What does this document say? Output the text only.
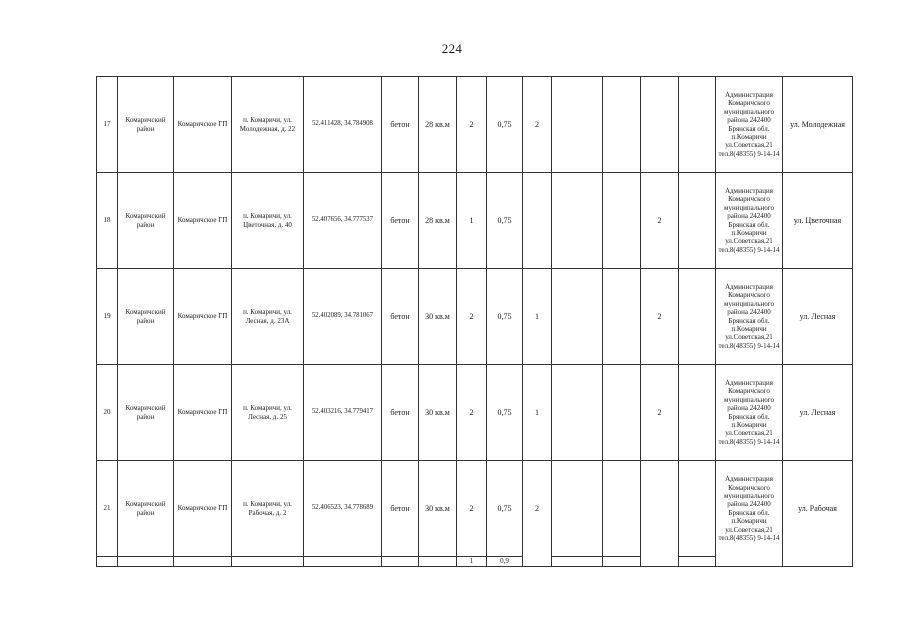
224
17	Комаричский район	Комаричское ГП	п. Комаричи, ул. Молодежная, д. 22	52.411428, 34.784908	бетон	28 кв.м	2	0,75	2					Администрация Комаричского муниципального района 242400 Брянская обл. п.Комаричи ул.Советская,21 тел.8(48355) 9-14-14	ул. Молодежная
18	Комаричский район	Комаричское ГП	п. Комаричи, ул. Цветочная, д. 40	52.407656, 34.777537	бетон	28 кв.м	1	0,75				2		Администрация Комаричского муниципального района 242400 Брянская обл. п.Комаричи ул.Советская,21 тел.8(48355) 9-14-14	ул. Цветочная
19	Комаричский район	Комаричское ГП	п. Комаричи, ул. Лесная, д. 23А	52.402089, 34.781067	бетон	30 кв.м	2	0,75	1			2		Администрация Комаричского муниципального района 242400 Брянская обл. п.Комаричи ул.Советская,21 тел.8(48355) 9-14-14	ул. Лесная
20	Комаричский район	Комаричское ГП	п. Комаричи, ул. Лесная, д. 25	52.403216, 34.779417	бетон	30 кв.м	2	0,75	1			2		Администрация Комаричского муниципального района 242400 Брянская обл. п.Комаричи ул.Советская,21 тел.8(48355) 9-14-14	ул. Лесная
21	Комаричский район	Комаричское ГП	п. Комаричи, ул. Рабочая, д. 2	52.406523, 34.778689	бетон	30 кв.м	2	0,75	2					Администрация Комаричского муниципального района 242400 Брянская обл. п.Комаричи ул.Советская,21 тел.8(48355) 9-14-14	ул. Рабочая
							1	0,9							
